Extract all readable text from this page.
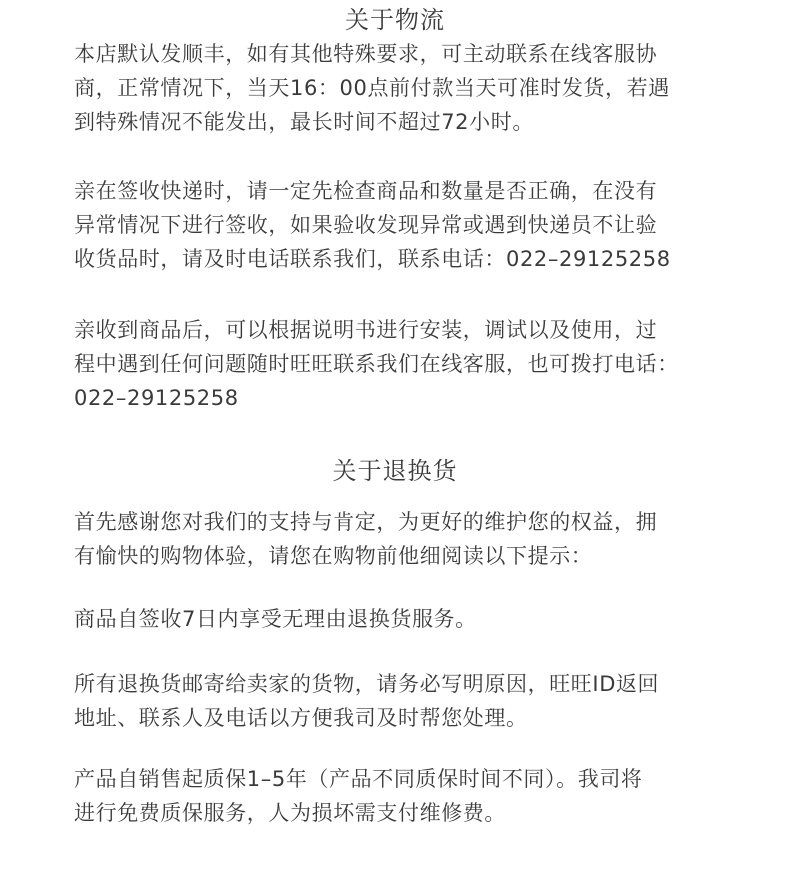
关于物流

本店默认发顺丰，如有其他特殊要求，可主动联系在线客服协
商，正常情况下，当天16：00点前付款当天可准时发货，若遇
到特殊情况不能发出，最长时间不超过72小时。

亲在签收快递时，请一定先检查商品和数量是否正确，在没有
异常情况下进行签收，如果验收发现异常或遇到快递员不让验
收货品时，请及时电话联系我们，联系电话：022–29125258

亲收到商品后，可以根据说明书进行安装，调试以及使用，过
程中遇到任何问题随时旺旺联系我们在线客服，也可拨打电话：
022–29125258

关于退换货

首先感谢您对我们的支持与肯定，为更好的维护您的权益，拥
有愉快的购物体验，请您在购物前他细阅读以下提示：

商品自签收7日内享受无理由退换货服务。

所有退换货邮寄给卖家的货物，请务必写明原因，旺旺ID返回
地址、联系人及电话以方便我司及时帮您处理。

产品自销售起质保1–5年（产品不同质保时间不同）。我司将
进行免费质保服务，人为损坏需支付维修费。
